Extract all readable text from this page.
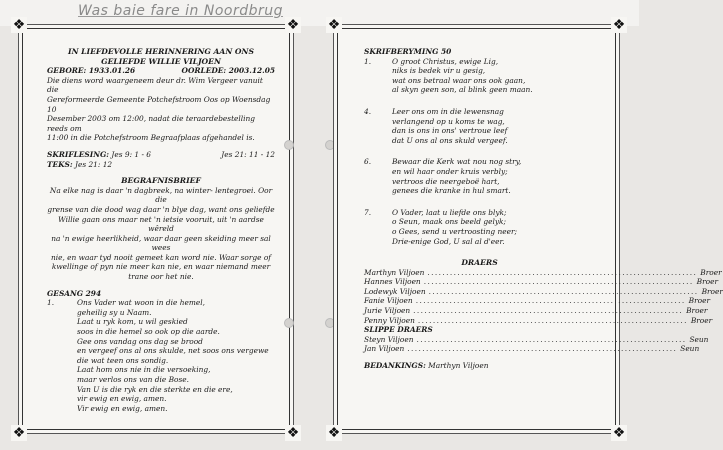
Was baie fare in Noordbrug
❖	❖
❖	❖
IN LIEFDEVOLLE HERINNERING AAN ONS
GELIEFDE WILLIE VILJOEN
GEBORE: 1933.01.26	OORLEDE: 2003.12.05
Die diens word waargeneem deur dr. Wim Vergeer vanuit die
Gereformeerde Gemeente Potchefstroom Oos op Woensdag 10
Desember 2003 om 12:00, nadat die teraardebestelling reeds om
11:00 in die Potchefstroom Begraafplaas afgehandel is.
SKRIFLESING: Jes 9: 1 - 6	Jes 21: 11 - 12
TEKS: Jes 21: 12
BEGRAFNISBRIEF
Na elke nag is daar 'n dagbreek, na winter- lentegroei. Oor die
grense van die dood wag daar 'n blye dag, want ons geliefde
Willie gaan ons maar net 'n ietsie vooruit, uit 'n aardse wêreld
na 'n ewige heerlikheid, waar daar geen skeiding meer sal wees
nie, en waar tyd nooit gemeet kan word nie. Waar sorge of
kwellinge of pyn nie meer kan nie, en waar niemand meer
trane oor het nie.
GESANG 294
1.	Ons Vader wat woon in die hemel,
geheilig sy u Naam.
Laat u ryk kom, u wil geskied
soos in die hemel so ook op die aarde.
Gee ons vandag ons dag se brood
en vergeef ons al ons skulde, net soos ons vergewe
die wat teen ons sondig.
Laat hom ons nie in die versoeking,
maar verlos ons van die Bose.
Van U is die ryk en die sterkte en die ere,
vir ewig en ewig, amen.
Vir ewig en ewig, amen.
❖	❖
❖	❖
SKRIFBERYMING 50
1.	O groot Christus, ewige Lig,
niks is bedek vir u gesig,
wat ons betraal waar ons ook gaan,
al skyn geen son, al blink geen maan.
4.	Leer ons om in die lewensnag
verlangend op u koms te wag,
dan is ons in ons' vertroue leef
dat U ons al ons skuld vergeef.
6.	Bewaar die Kerk wat nou nog stry,
en wil haar onder kruis verbly;
vertroos die neergeboë hart,
genees die kranke in hul smart.
7.	O Vader, laat u liefde ons blyk;
o Seun, maak ons beeld gelyk;
o Gees, send u vertroosting neer;
Drie-enige God, U sal al d'eer.
DRAERS
Marthyn Viljoen ........................................................................ Broer
Hannes Viljoen ........................................................................ Broer
Lodewyk Viljoen ........................................................................ Broer
Fanie Viljoen ........................................................................ Broer
Jurie Viljoen ........................................................................ Broer
Penny Viljoen ........................................................................ Broer
SLIPPE DRAERS
Steyn Viljoen ........................................................................ Seun
Jan Viljoen ........................................................................ Seun
BEDANKINGS: Marthyn Viljoen
